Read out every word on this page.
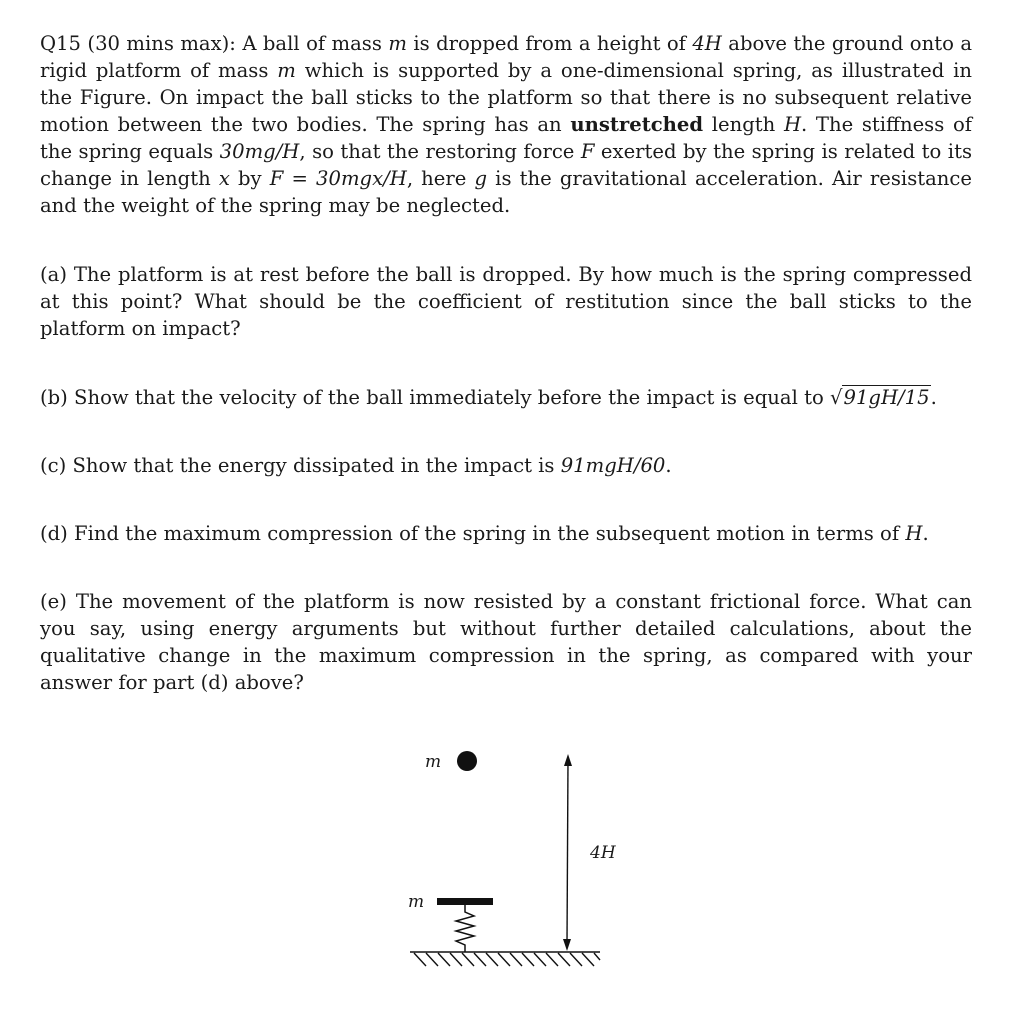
Q15 (30 mins max): A ball of mass m is dropped from a height of 4H above the ground onto a rigid platform of mass m which is supported by a one-dimensional spring, as illustrated in the Figure. On impact the ball sticks to the platform so that there is no subsequent relative motion between the two bodies. The spring has an unstretched length H. The stiffness of the spring equals 30mg/H, so that the restoring force F exerted by the spring is related to its change in length x by F = 30mgx/H, here g is the gravitational acceleration. Air resistance and the weight of the spring may be neglected.

(a) The platform is at rest before the ball is dropped. By how much is the spring compressed at this point? What should be the coefficient of restitution since the ball sticks to the platform on impact?

(b) Show that the velocity of the ball immediately before the impact is equal to √91gH/15.

(c) Show that the energy dissipated in the impact is 91mgH/60.

(d) Find the maximum compression of the spring in the subsequent motion in terms of H.

(e) The movement of the platform is now resisted by a constant frictional force. What can you say, using energy arguments but without further detailed calculations, about the qualitative change in the maximum compression in the spring, as compared with your answer for part (d) above?

m
m
4H
